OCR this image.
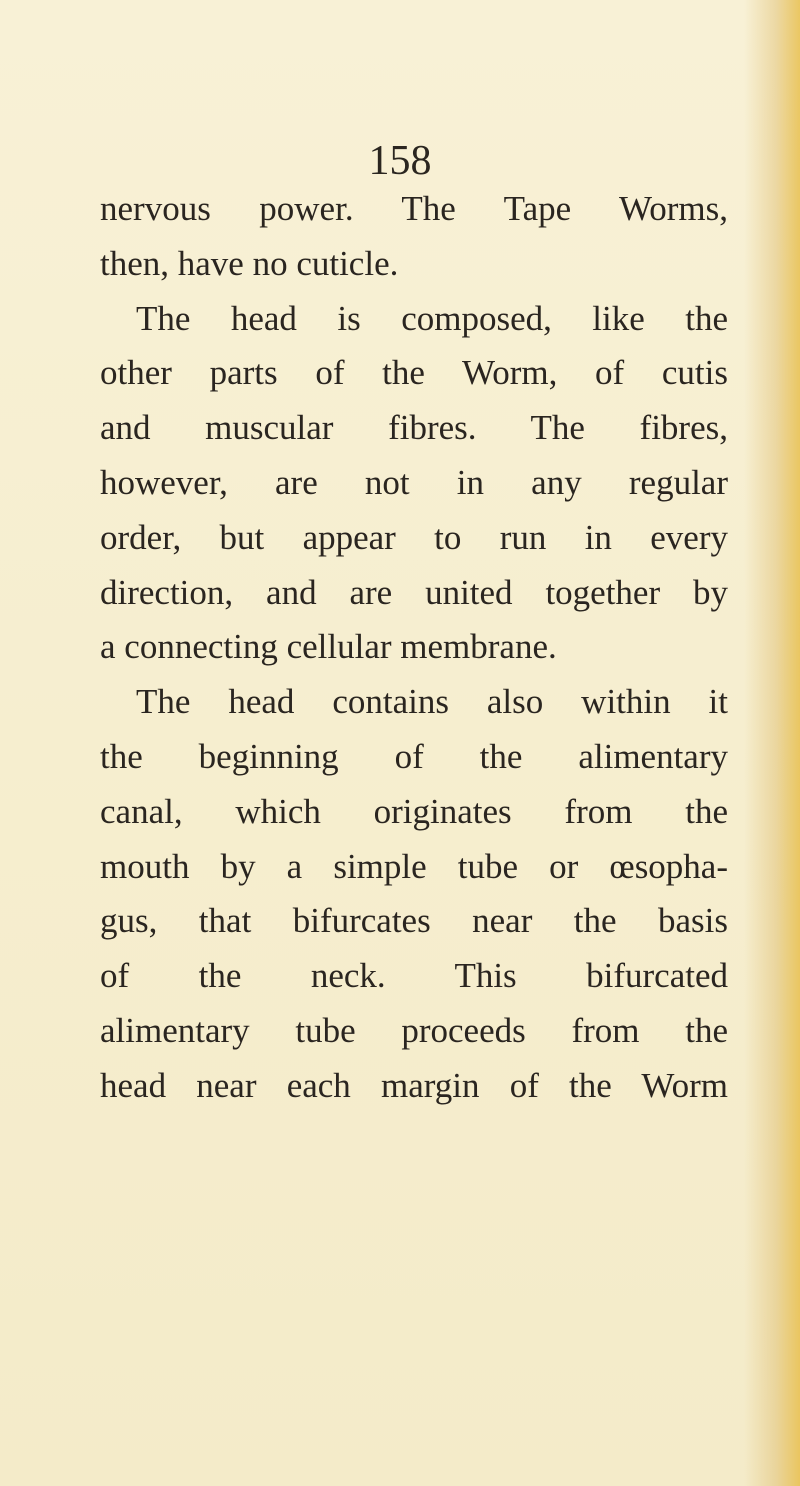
158
nervous power. The Tape Worms,
then, have no cuticle.
The head is composed, like the
other parts of the Worm, of cutis
and muscular fibres. The fibres,
however, are not in any regular
order, but appear to run in every
direction, and are united together by
a connecting cellular membrane.
The head contains also within it
the beginning of the alimentary
canal, which originates from the
mouth by a simple tube or œsopha-
gus, that bifurcates near the basis
of the neck. This bifurcated
alimentary tube proceeds from the
head near each margin of the Worm
